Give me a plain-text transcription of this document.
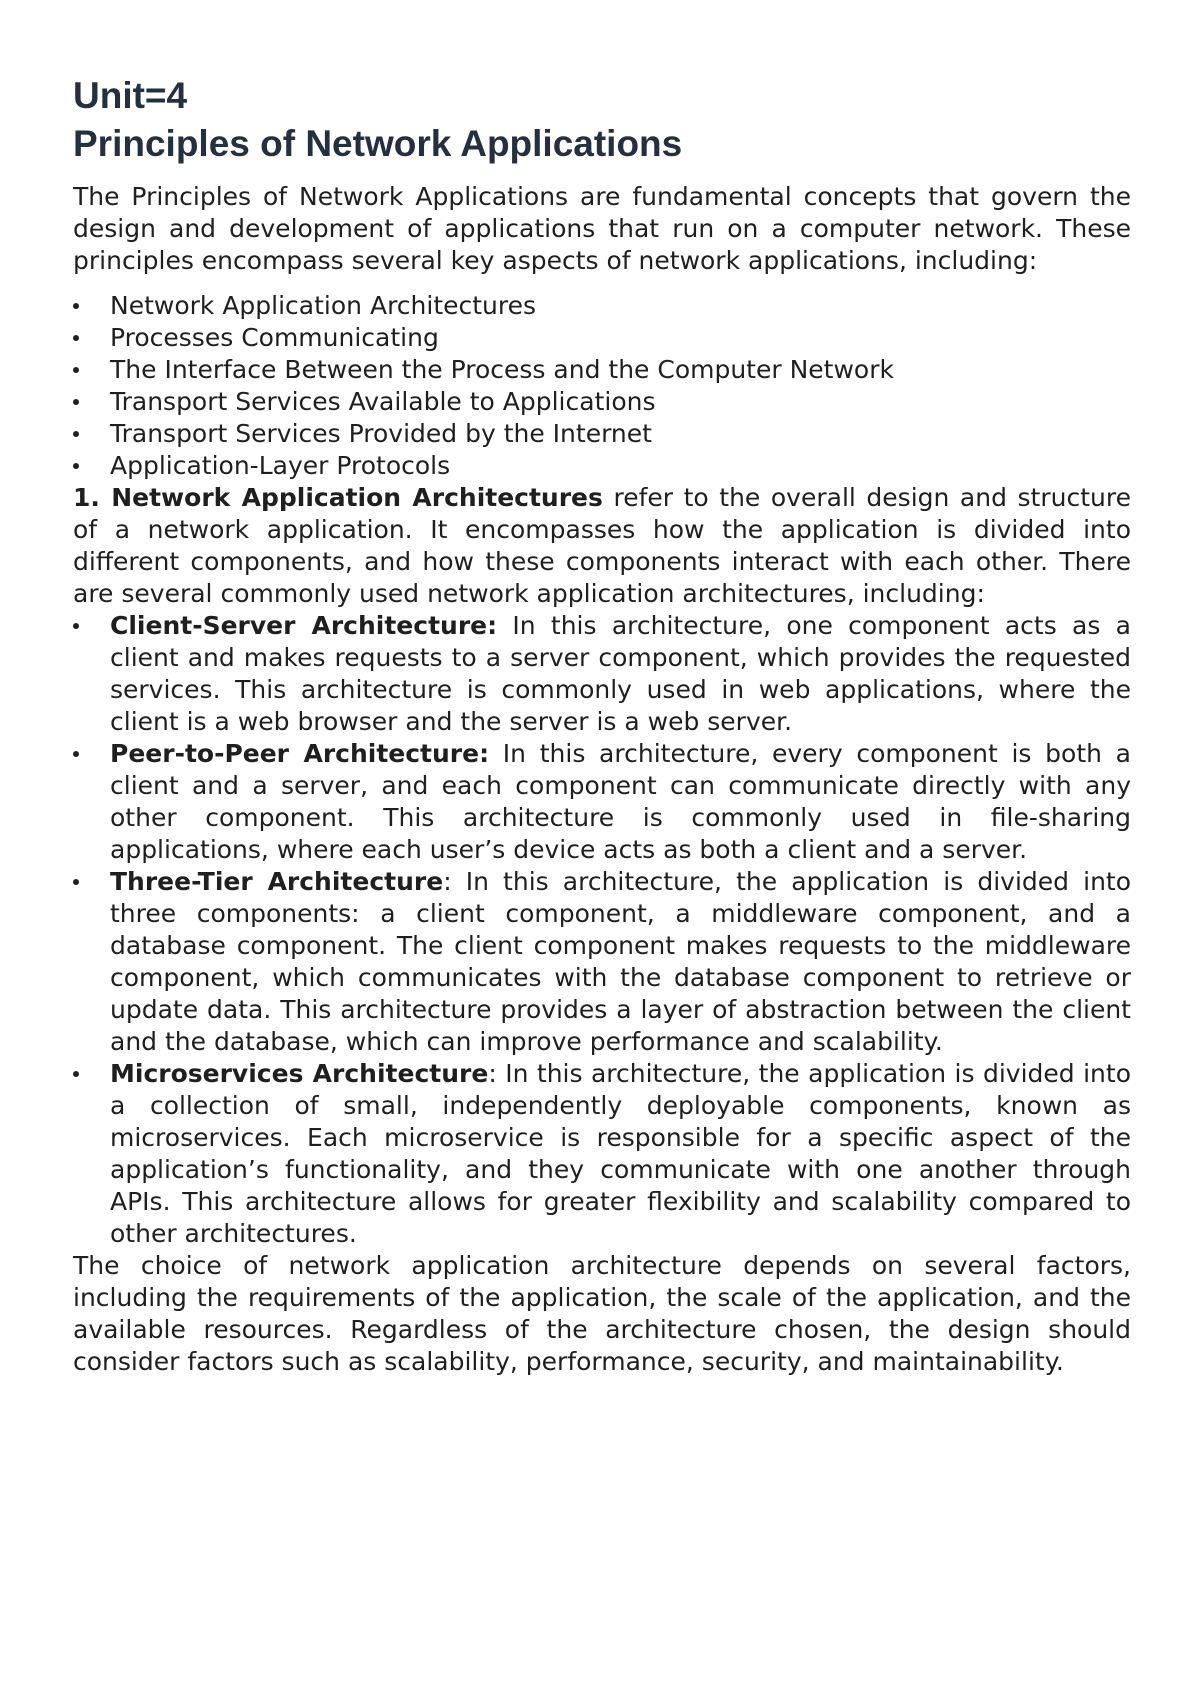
Unit=4
Principles of Network Applications

The Principles of Network Applications are fundamental concepts that govern the design and development of applications that run on a computer network. These principles encompass several key aspects of network applications, including:

Network Application Architectures
Processes Communicating
The Interface Between the Process and the Computer Network
Transport Services Available to Applications
Transport Services Provided by the Internet
Application-Layer Protocols

1. Network Application Architectures refer to the overall design and structure of a network application. It encompasses how the application is divided into different components, and how these components interact with each other. There are several commonly used network application architectures, including:

Client-Server Architecture: In this architecture, one component acts as a client and makes requests to a server component, which provides the requested services. This architecture is commonly used in web applications, where the client is a web browser and the server is a web server.
Peer-to-Peer Architecture: In this architecture, every component is both a client and a server, and each component can communicate directly with any other component. This architecture is commonly used in file-sharing applications, where each user’s device acts as both a client and a server.
Three-Tier Architecture: In this architecture, the application is divided into three components: a client component, a middleware component, and a database component. The client component makes requests to the middleware component, which communicates with the database component to retrieve or update data. This architecture provides a layer of abstraction between the client and the database, which can improve performance and scalability.
Microservices Architecture: In this architecture, the application is divided into a collection of small, independently deployable components, known as microservices. Each microservice is responsible for a specific aspect of the application’s functionality, and they communicate with one another through APIs. This architecture allows for greater flexibility and scalability compared to other architectures.

The choice of network application architecture depends on several factors, including the requirements of the application, the scale of the application, and the available resources. Regardless of the architecture chosen, the design should consider factors such as scalability, performance, security, and maintainability.
